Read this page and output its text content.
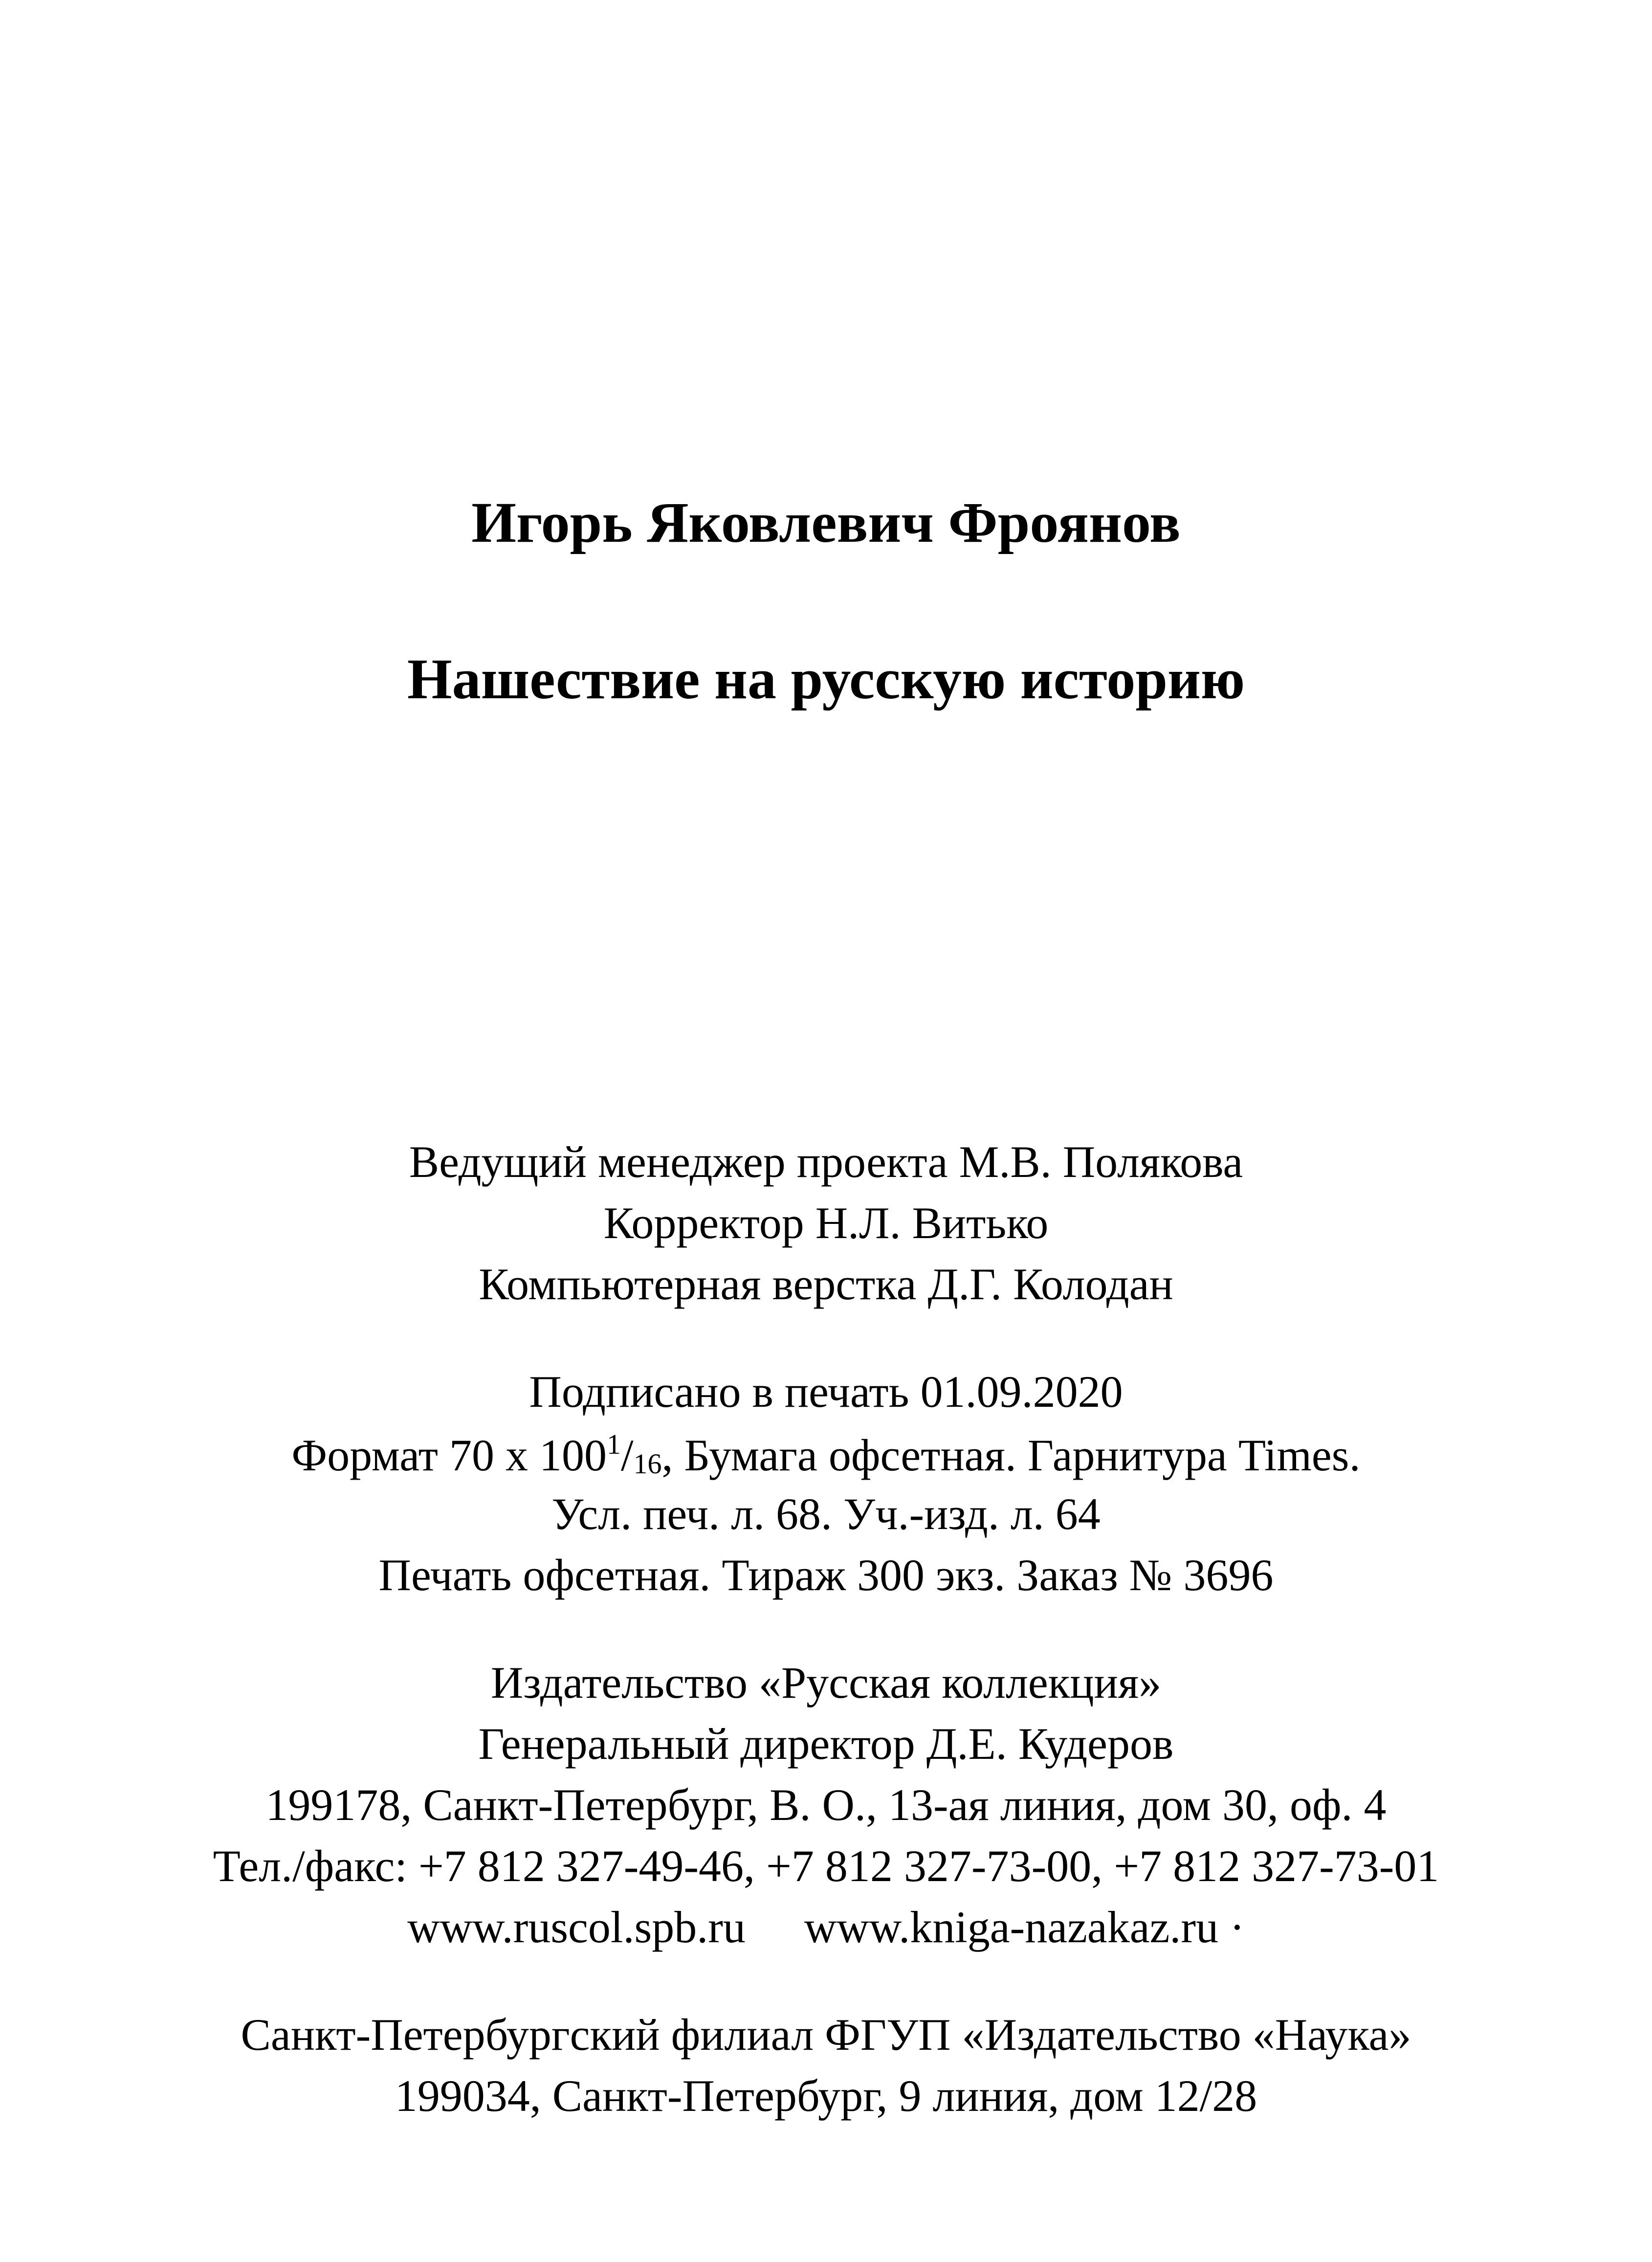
Игорь Яковлевич Фроянов
Нашествие на русскую историю
Ведущий менеджер проекта М.В. Полякова
Корректор Н.Л. Витько
Компьютерная верстка Д.Г. Колодан
Подписано в печать 01.09.2020
Формат 70 х $100^1/16$, Бумага офсетная. Гарнитура Times.
Усл. печ. л. 68. Уч.-изд. л. 64
Печать офсетная. Тираж 300 экз. Заказ № 3696
Издательство «Русская коллекция»
Генеральный директор Д.Е. Кудеров
199178, Санкт-Петербург, В. О., 13-ая линия, дом 30, оф. 4
Тел./факс: +7 812 327-49-46, +7 812 327-73-00, +7 812 327-73-01
www.ruscol.spb.ru www.kniga-nazakaz.ru ·
Санкт-Петербургский филиал ФГУП «Издательство «Наука»
199034, Санкт-Петербург, 9 линия, дом 12/28
